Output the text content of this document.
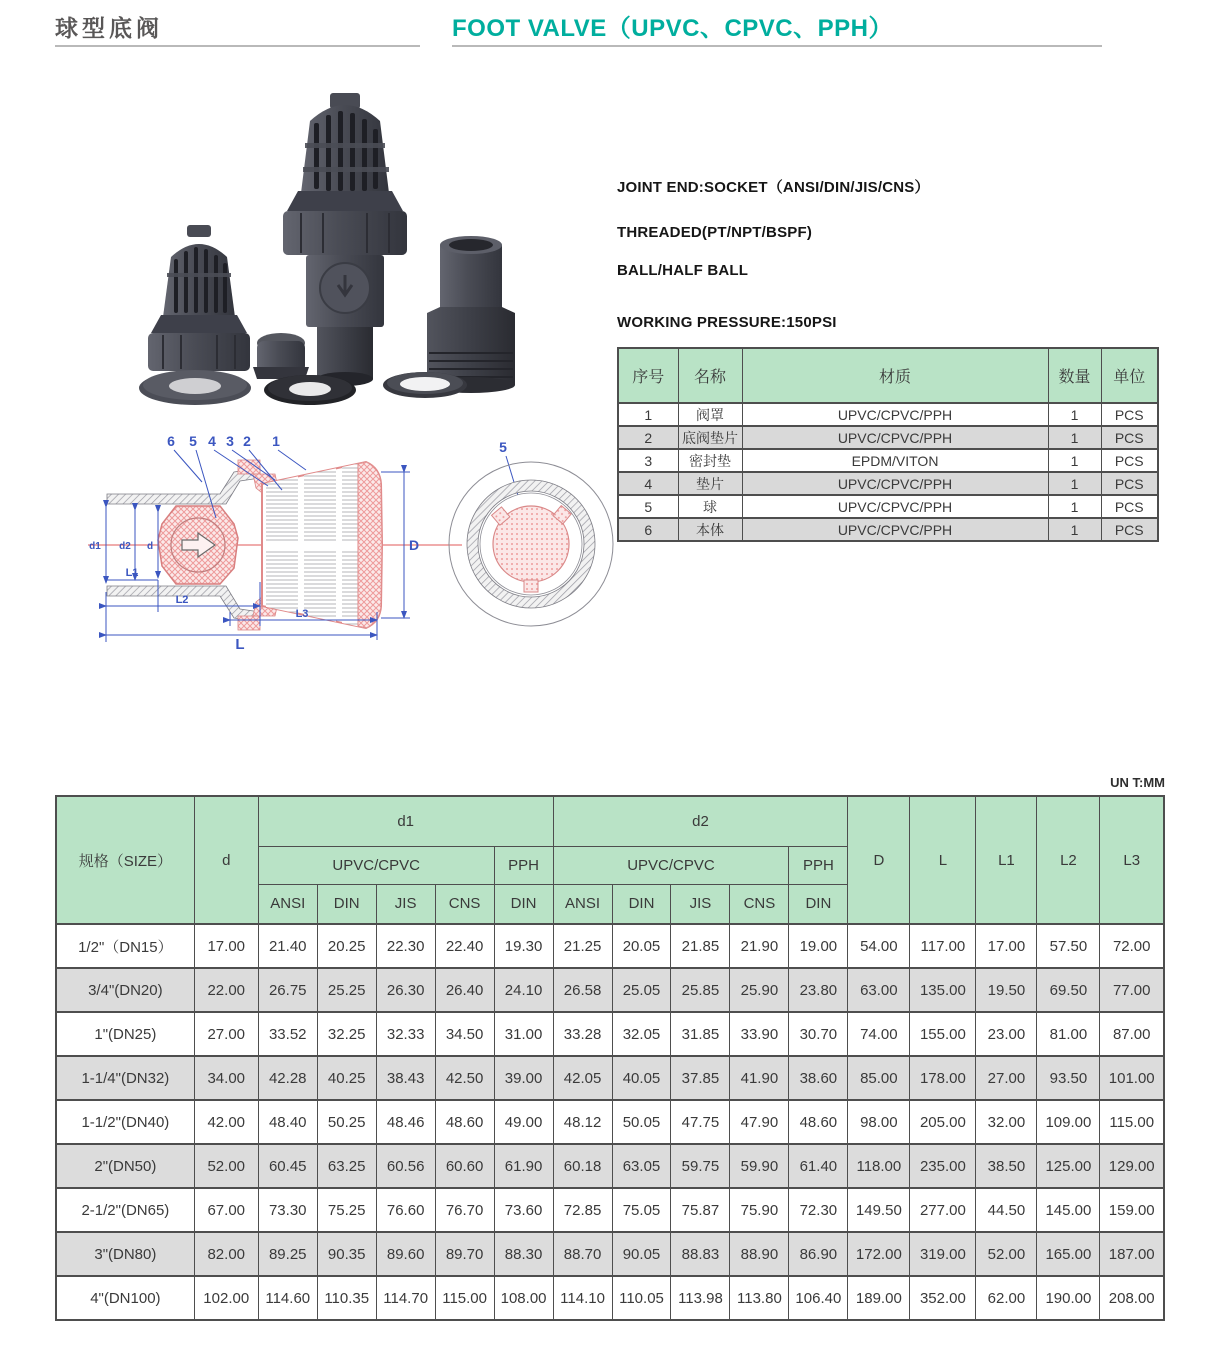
球型底阀	FOOT VALVE（UPVC、CPVC、PPH）
d1 d2 d
L1
L2
L3
L
D
6 5 4 3 2 1	5
JOINT END:SOCKET（ANSI/DIN/JIS/CNS）
THREADED(PT/NPT/BSPF)
BALL/HALF BALL
WORKING PRESSURE:150PSI
序号	名称	材质	数量	单位
1	阀罩	UPVC/CPVC/PPH	1	PCS
2	底阀垫片	UPVC/CPVC/PPH	1	PCS
3	密封垫	EPDM/VITON	1	PCS
4	垫片	UPVC/CPVC/PPH	1	PCS
5	球	UPVC/CPVC/PPH	1	PCS
6	本体	UPVC/CPVC/PPH	1	PCS
UN T:MM
规格（SIZE）	d	d1					d2					D	L	L1	L2	L3
		UPVC/CPVC				PPH	UPVC/CPVC				PPH					
		ANSI	DIN	JIS	CNS	DIN	ANSI	DIN	JIS	CNS	DIN					
1/2"（DN15）	17.00	21.40	20.25	22.30	22.40	19.30	21.25	20.05	21.85	21.90	19.00	54.00	117.00	17.00	57.50	72.00
3/4"(DN20)	22.00	26.75	25.25	26.30	26.40	24.10	26.58	25.05	25.85	25.90	23.80	63.00	135.00	19.50	69.50	77.00
1"(DN25)	27.00	33.52	32.25	32.33	34.50	31.00	33.28	32.05	31.85	33.90	30.70	74.00	155.00	23.00	81.00	87.00
1-1/4"(DN32)	34.00	42.28	40.25	38.43	42.50	39.00	42.05	40.05	37.85	41.90	38.60	85.00	178.00	27.00	93.50	101.00
1-1/2"(DN40)	42.00	48.40	50.25	48.46	48.60	49.00	48.12	50.05	47.75	47.90	48.60	98.00	205.00	32.00	109.00	115.00
2"(DN50)	52.00	60.45	63.25	60.56	60.60	61.90	60.18	63.05	59.75	59.90	61.40	118.00	235.00	38.50	125.00	129.00
2-1/2"(DN65)	67.00	73.30	75.25	76.60	76.70	73.60	72.85	75.05	75.87	75.90	72.30	149.50	277.00	44.50	145.00	159.00
3"(DN80)	82.00	89.25	90.35	89.60	89.70	88.30	88.70	90.05	88.83	88.90	86.90	172.00	319.00	52.00	165.00	187.00
4"(DN100)	102.00	114.60	110.35	114.70	115.00	108.00	114.10	110.05	113.98	113.80	106.40	189.00	352.00	62.00	190.00	208.00
